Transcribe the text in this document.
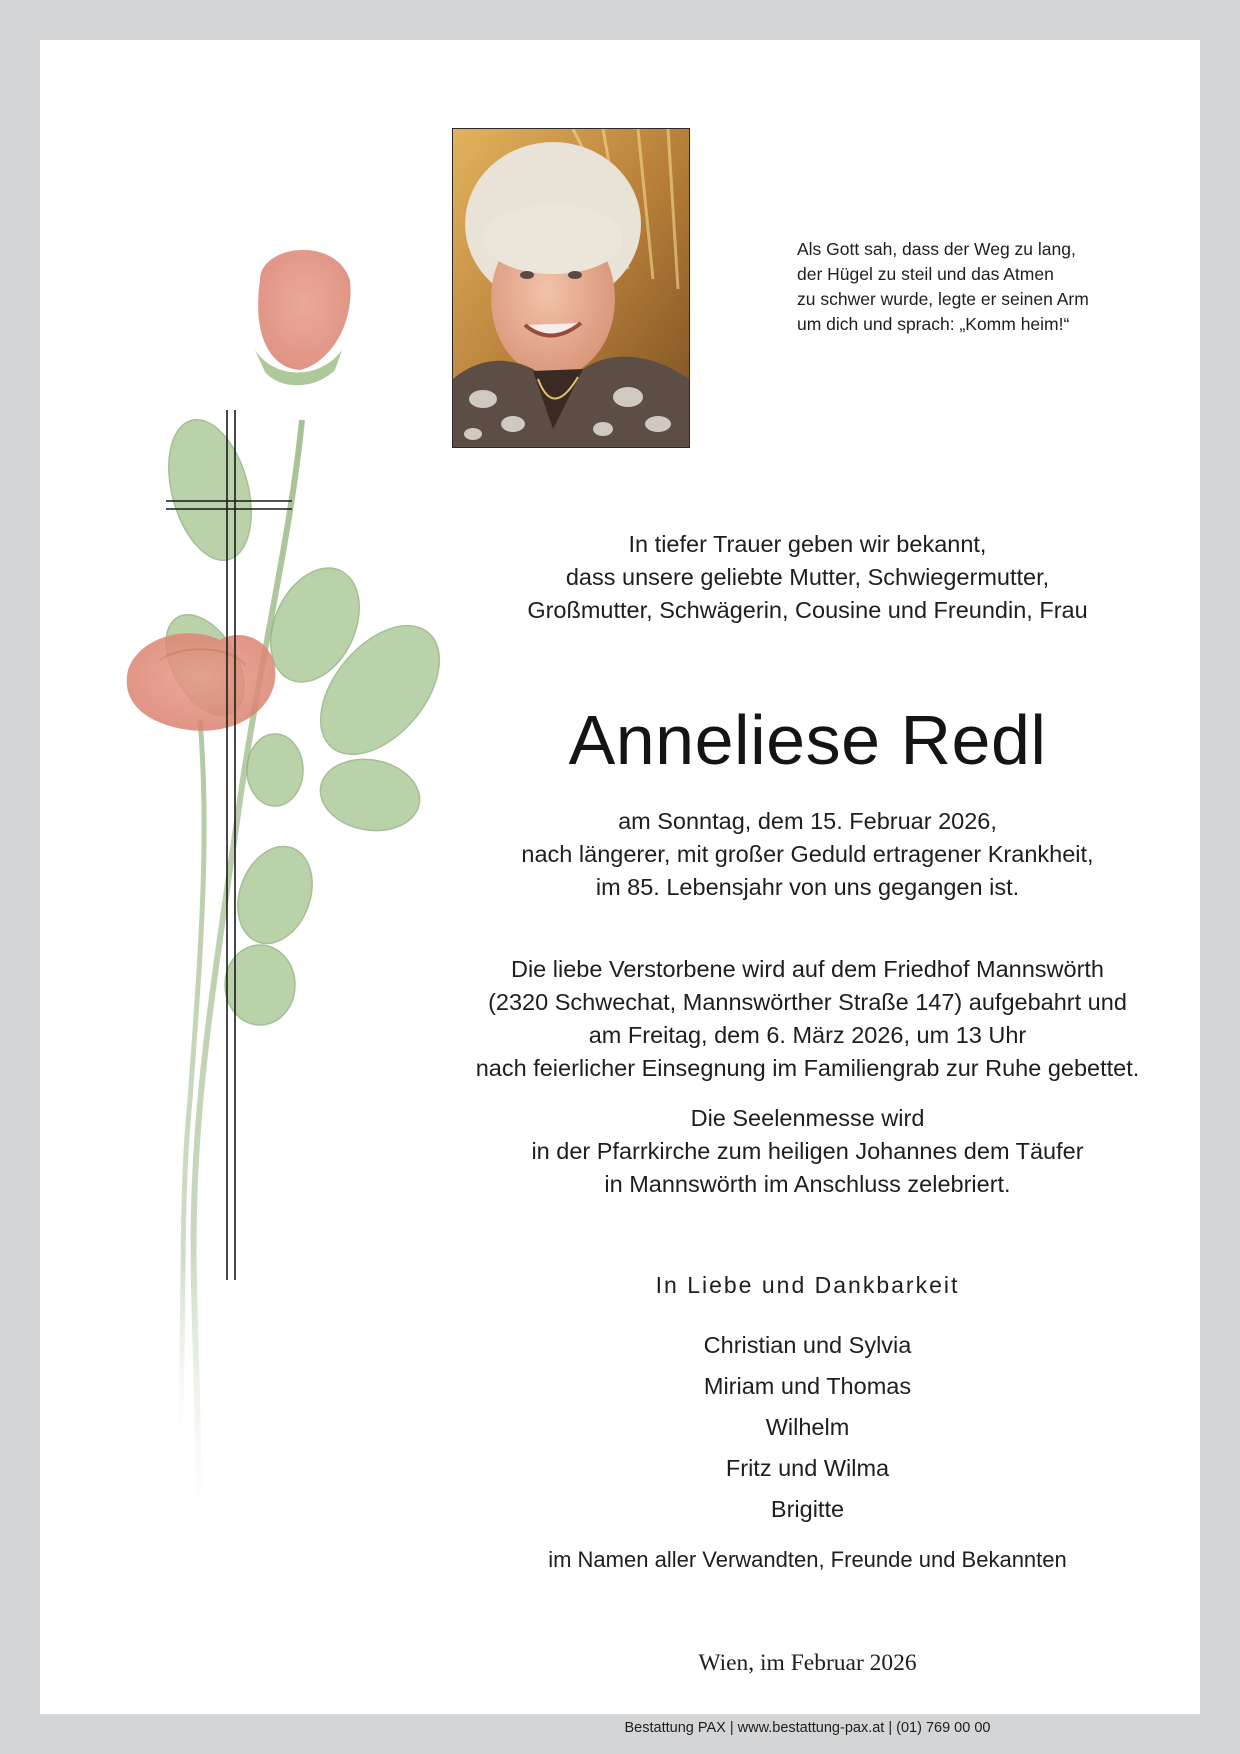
Als Gott sah, dass der Weg zu lang,
der Hügel zu steil und das Atmen
zu schwer wurde, legte er seinen Arm
um dich und sprach: „Komm heim!“
In tiefer Trauer geben wir bekannt,
dass unsere geliebte Mutter, Schwiegermutter,
Großmutter, Schwägerin, Cousine und Freundin, Frau
Anneliese Redl
am Sonntag, dem 15. Februar 2026,
nach längerer, mit großer Geduld ertragener Krankheit,
im 85. Lebensjahr von uns gegangen ist.
Die liebe Verstorbene wird auf dem Friedhof Mannswörth
(2320 Schwechat, Mannswörther Straße 147) aufgebahrt und
am Freitag, dem 6. März 2026, um 13 Uhr
nach feierlicher Einsegnung im Familiengrab zur Ruhe gebettet.
Die Seelenmesse wird
in der Pfarrkirche zum heiligen Johannes dem Täufer
in Mannswörth im Anschluss zelebriert.
In Liebe und Dankbarkeit
Christian und Sylvia
Miriam und Thomas
Wilhelm
Fritz und Wilma
Brigitte
im Namen aller Verwandten, Freunde und Bekannten
Wien, im Februar 2026
Bestattung PAX | www.bestattung-pax.at | (01) 769 00 00
